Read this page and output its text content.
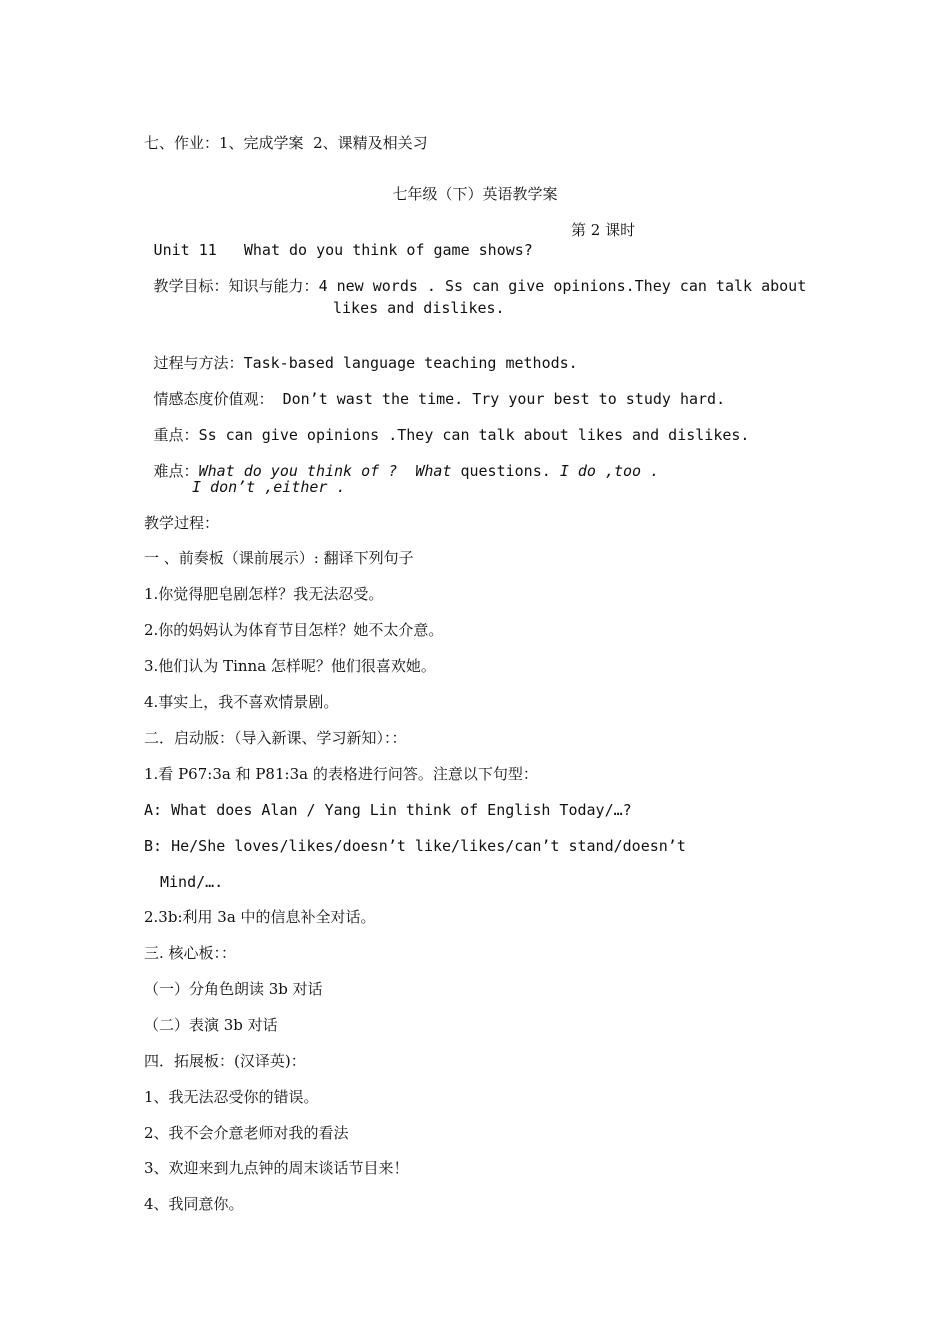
七、作业：1、完成学案  2、课精及相关习
七年级（下）英语教学案

Unit 11   What do you think of game shows?

第 2 课时

教学目标：知识与能力：4 new words . Ss can give opinions.They can talk about

likes and dislikes.

过程与方法：Task-based language teaching methods.

情感态度价值观： Don’t wast the time. Try your best to study hard.

重点：Ss can give opinions .They can talk about likes and dislikes.

难点：What do you think of ? What questions. I do ,too .

I don’t ,either .
教学过程：
一 、前奏板（课前展示）: 翻译下列句子
1.你觉得肥皂剧怎样？我无法忍受。
2.你的妈妈认为体育节目怎样？她不太介意。
3.他们认为 Tinna 怎样呢？他们很喜欢她。
4.事实上，我不喜欢情景剧。
二．启动版：（导入新课、学习新知）：：
1.看 P67:3a 和 P81:3a 的表格进行问答。注意以下句型：
A: What does Alan / Yang Lin think of English Today/…?
B: He/She loves/likes/doesn’t like/likes/can’t stand/doesn’t
Mind/….
2.3b:利用 3a 中的信息补全对话。
三. 核心板：：
（一）分角色朗读 3b 对话
（二）表演 3b 对话
四．拓展板：(汉译英)：
1、我无法忍受你的错误。
2、我不会介意老师对我的看法
3、欢迎来到九点钟的周末谈话节目来！
4、我同意你。
